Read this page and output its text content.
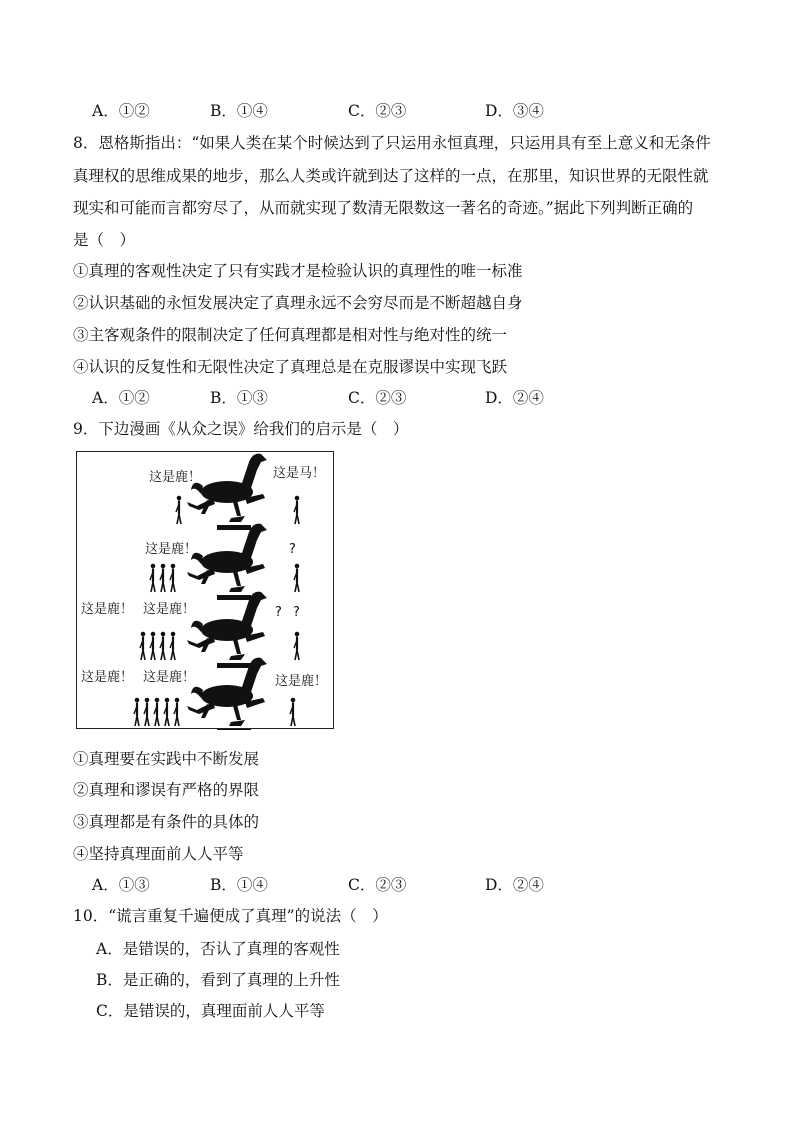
A．①②	B．①④	C．②③	D．③④
8．恩格斯指出：“如果人类在某个时候达到了只运用永恒真理，只运用具有至上意义和无条件
真理权的思维成果的地步，那么人类或许就到达了这样的一点，在那里，知识世界的无限性就
现实和可能而言都穷尽了，从而就实现了数清无限数这一著名的奇迹。”据此下列判断正确的
是（　）
①真理的客观性决定了只有实践才是检验认识的真理性的唯一标准
②认识基础的永恒发展决定了真理永远不会穷尽而是不断超越自身
③主客观条件的限制决定了任何真理都是相对性与绝对性的统一
④认识的反复性和无限性决定了真理总是在克服谬误中实现飞跃
A．①②	B．①③	C．②③	D．②④
9．下边漫画《从众之误》给我们的启示是（　）
这是鹿！	这是马！
这是鹿！	?
这是鹿！ 这是鹿！	? ?
这是鹿！ 这是鹿！	这是鹿！
①真理要在实践中不断发展
②真理和谬误有严格的界限
③真理都是有条件的具体的
④坚持真理面前人人平等
A．①③	B．①④	C．②③	D．②④
10．“谎言重复千遍便成了真理”的说法（　）
A．是错误的，否认了真理的客观性
B．是正确的，看到了真理的上升性
C．是错误的，真理面前人人平等
